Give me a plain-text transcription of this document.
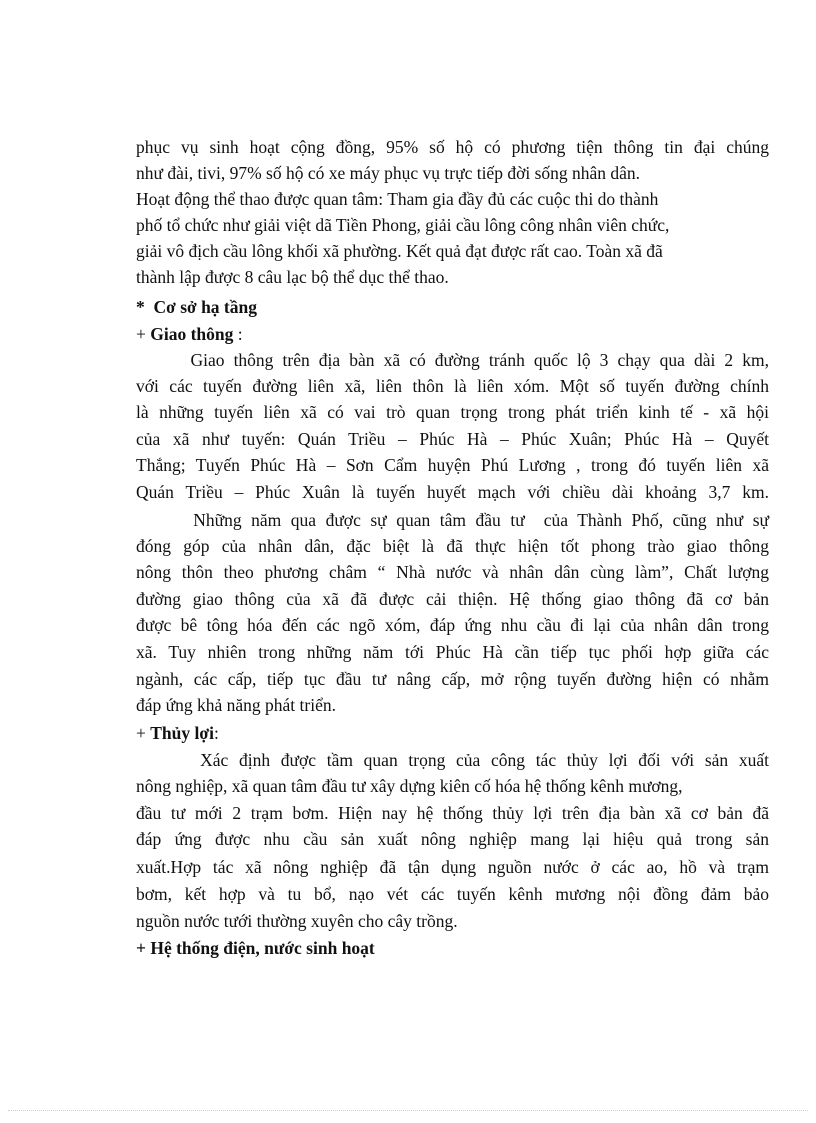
phục vụ sinh hoạt cộng đồng, 95% số hộ có phương tiện thông tin đại chúng
như đài, tivi, 97% số hộ có xe máy phục vụ trực tiếp đời sống nhân dân.
Hoạt động thể thao được quan tâm: Tham gia đầy đủ các cuộc thi do thành
phố tổ chức như giải việt dã Tiền Phong, giải cầu lông công nhân viên chức,
giải vô địch cầu lông khối xã phường. Kết quả đạt được rất cao. Toàn xã đã
thành lập được 8 câu lạc bộ thể dục thể thao.
*  Cơ sở hạ tầng
+ Giao thông :
Giao thông trên địa bàn xã có đường tránh quốc lộ 3 chạy qua dài 2 km,
với các tuyến đường liên xã, liên thôn là liên xóm. Một số tuyến đường chính
là những tuyến liên xã có vai trò quan trọng trong phát triển kinh tế - xã hội
của xã như tuyến: Quán Triều – Phúc Hà – Phúc Xuân; Phúc Hà – Quyết
Thắng; Tuyến Phúc Hà – Sơn Cẩm huyện Phú Lương , trong đó tuyến liên xã
Quán Triều – Phúc Xuân là tuyến huyết mạch với chiều dài khoảng 3,7 km.
Những năm qua được sự quan tâm đầu tư  của Thành Phố, cũng như sự
đóng góp của nhân dân, đặc biệt là đã thực hiện tốt phong trào giao thông
nông thôn theo phương châm “ Nhà nước và nhân dân cùng làm”, Chất lượng
đường giao thông của xã đã được cải thiện. Hệ thống giao thông đã cơ bản
được bê tông hóa đến các ngõ xóm, đáp ứng nhu cầu đi lại của nhân dân trong
xã. Tuy nhiên trong những năm tới Phúc Hà cần tiếp tục phối hợp giữa các
ngành, các cấp, tiếp tục đầu tư nâng cấp, mở rộng tuyến đường hiện có nhằm
đáp ứng khả năng phát triển.
+ Thủy lợi:
Xác định được tầm quan trọng của công tác thủy lợi đối với sản xuất
nông nghiệp, xã quan tâm đầu tư xây dựng kiên cố hóa hệ thống kênh mương,
đầu tư mới 2 trạm bơm. Hiện nay hệ thống thủy lợi trên địa bàn xã cơ bản đã
đáp ứng được nhu cầu sản xuất nông nghiệp mang lại hiệu quả trong sản
xuất.Hợp tác xã nông nghiệp đã tận dụng nguồn nước ở các ao, hồ và trạm
bơm, kết hợp và tu bổ, nạo vét các tuyến kênh mương nội đồng đảm bảo
nguồn nước tưới thường xuyên cho cây trồng.
+ Hệ thống điện, nước sinh hoạt
